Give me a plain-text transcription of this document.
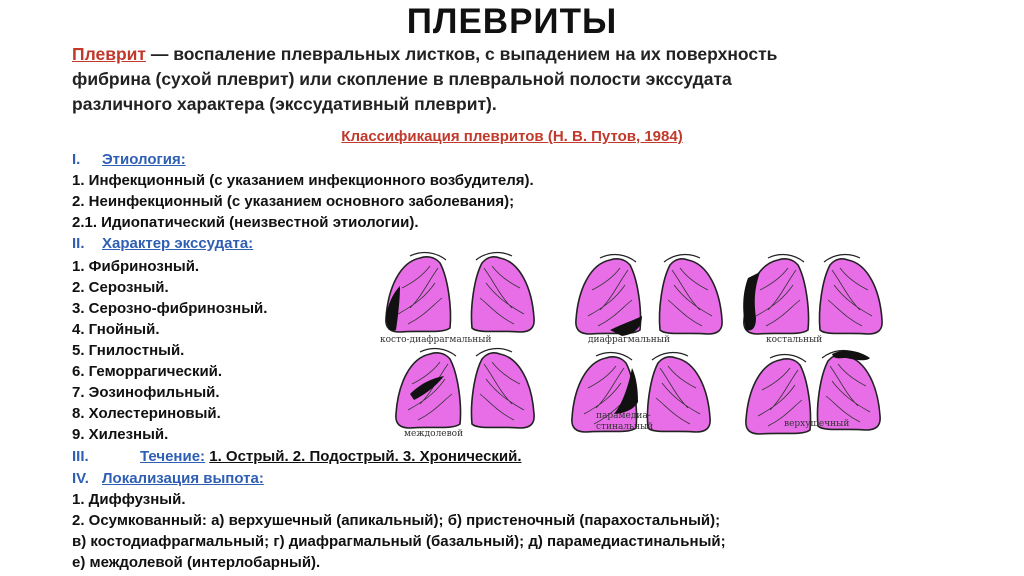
ПЛЕВРИТЫ
Плеврит — воспаление плевральных листков, с выпадением на их поверхность
фибрина (сухой плеврит) или скопление в плевральной полости экссудата
различного характера (экссудативный плеврит).
Классификация плевритов (Н. В. Путов, 1984)
I. Этиология:
1. Инфекционный (с указанием инфекционного возбудителя).
2. Неинфекционный (с указанием основного заболевания);
2.1. Идиопатический (неизвестной этиологии).
II. Характер экссудата:
1. Фибринозный.
2. Серозный.
3. Серозно-фибринозный.
4. Гнойный.
5. Гнилостный.
6. Геморрагический.
7. Эозинофильный.
8. Холестериновый.
9. Хилезный.
III.	Течение: 1. Острый. 2. Подострый. 3. Хронический.
IV. Локализация выпота:
1. Диффузный.
2. Осумкованный: а) верхушечный (апикальный); б) пристеночный (парахостальный);
в) костодиафрагмальный; г) диафрагмальный (базальный); д) парамедиастинальный;
е) междолевой (интерлобарный).
косто-диафрагмальный	диафрагмальный	костальный
междолевой
парамедиа-
стинальный	верхушечный
